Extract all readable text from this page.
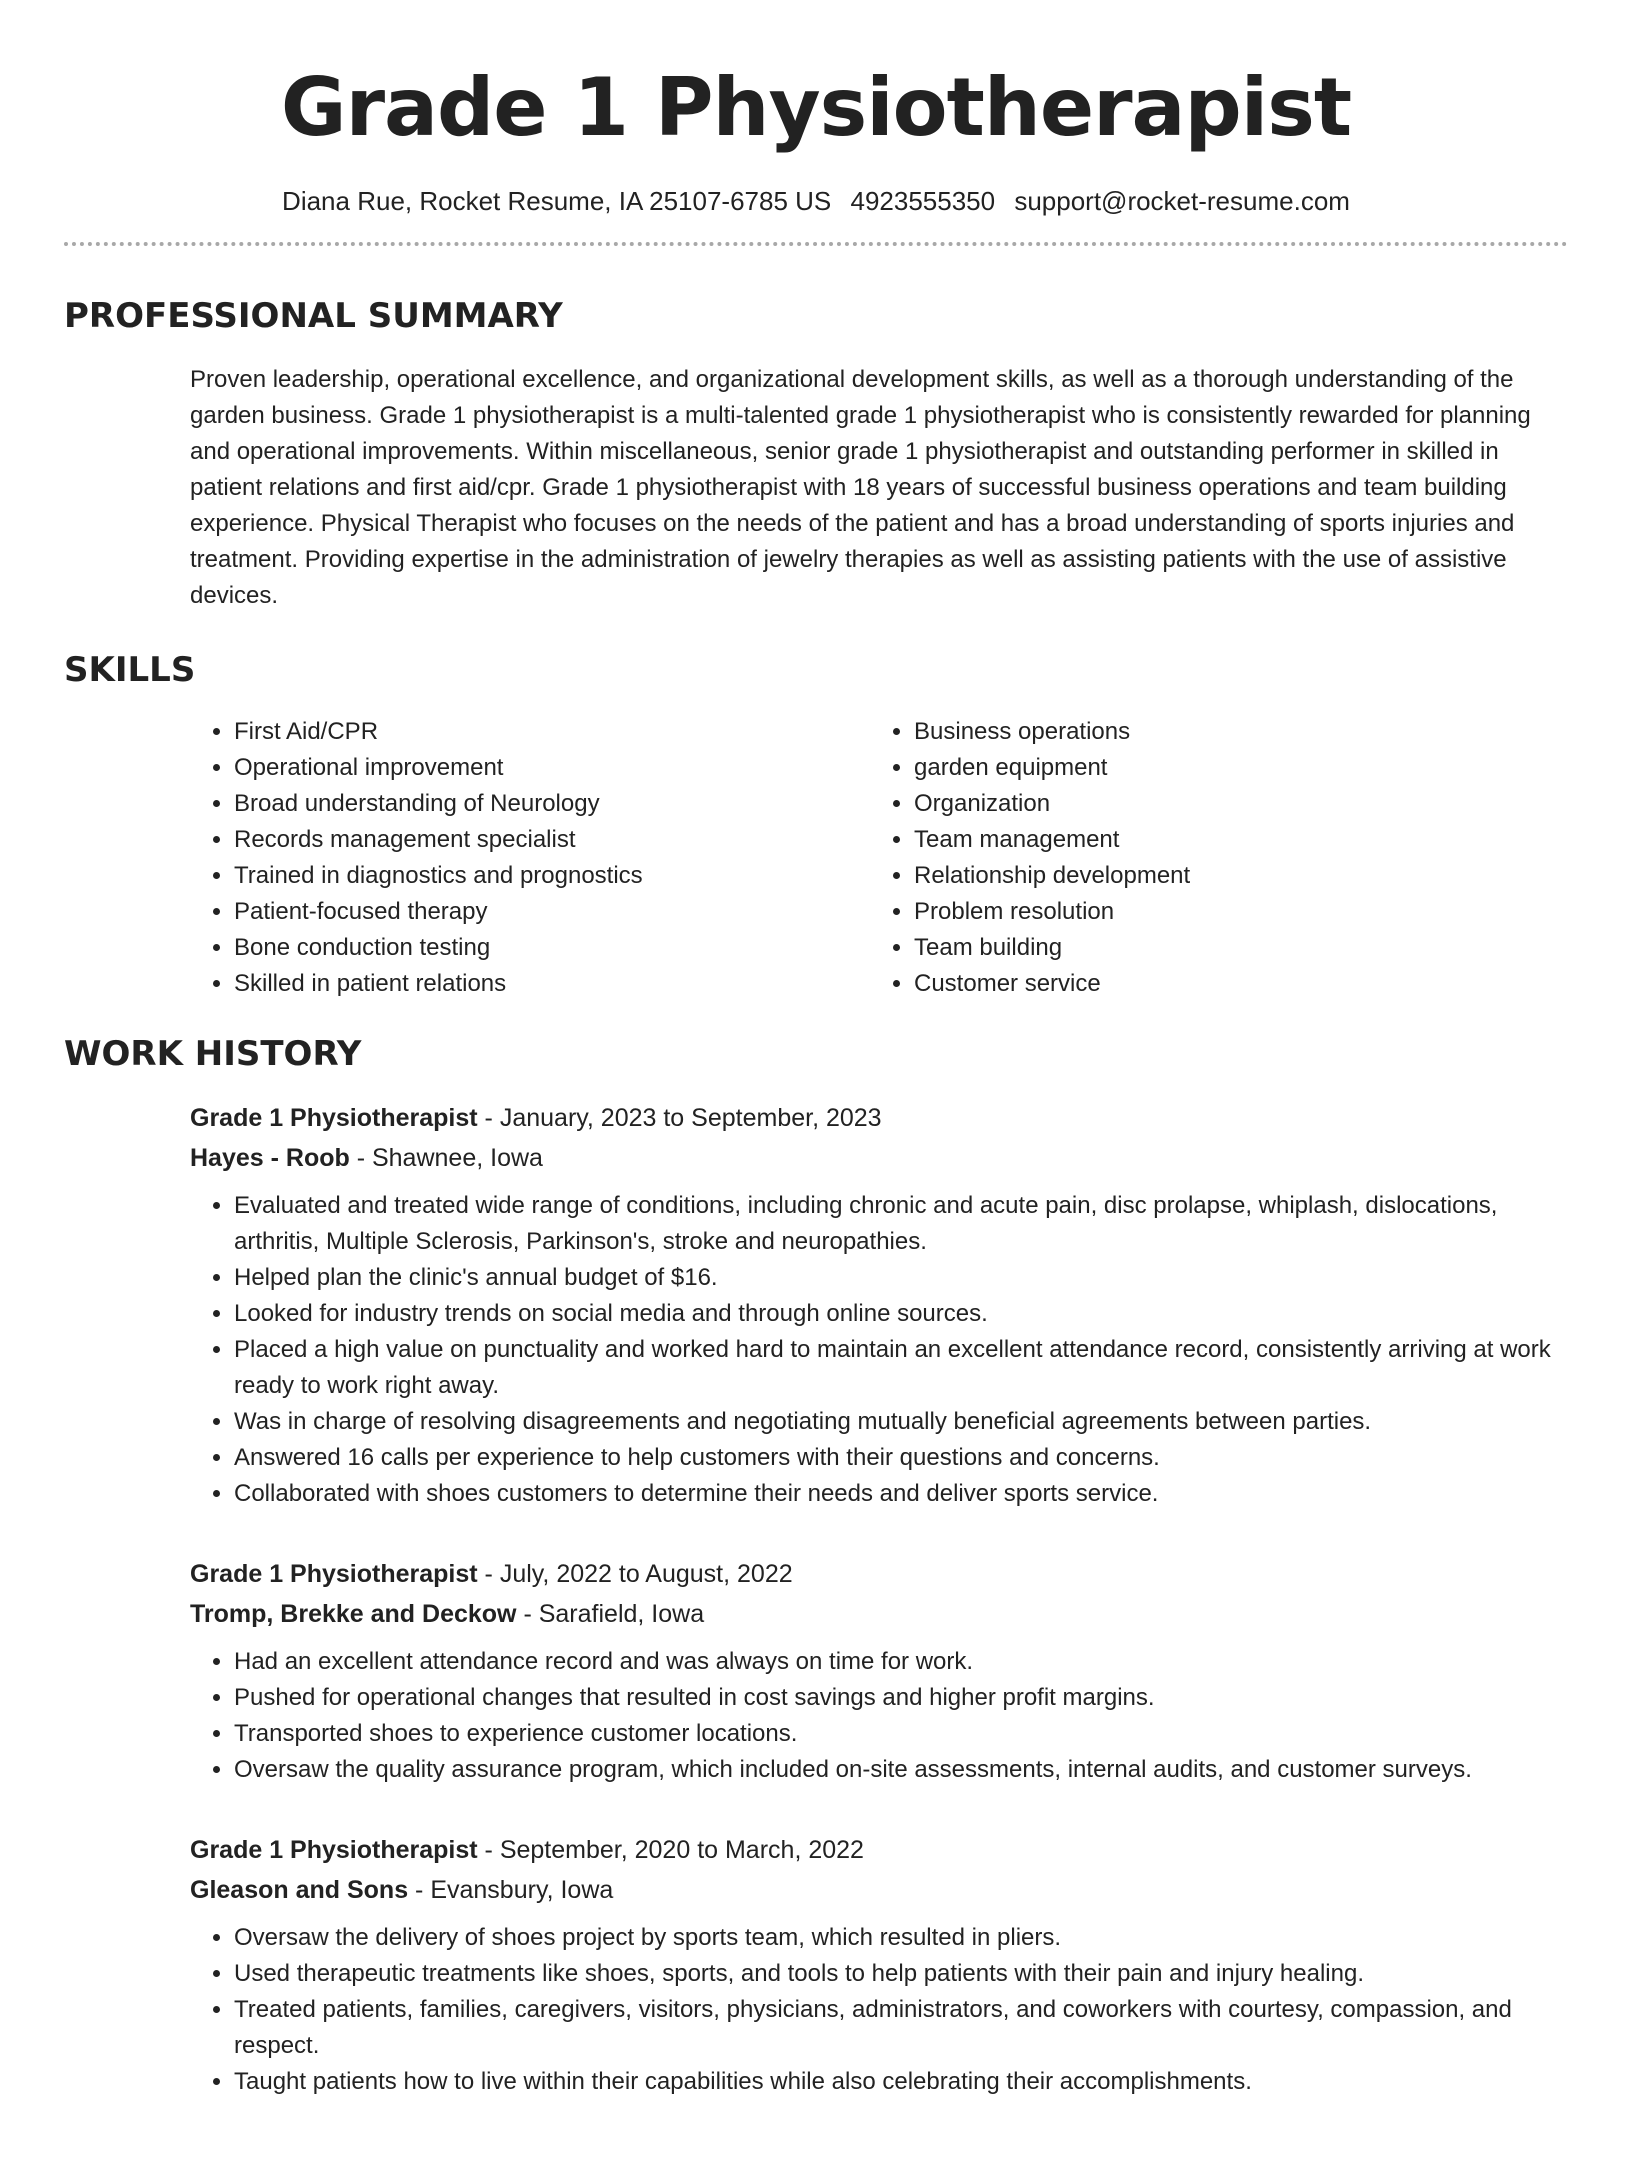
Grade 1 Physiotherapist
Diana Rue, Rocket Resume, IA 25107-6785 US 4923555350 support@rocket-resume.com
PROFESSIONAL SUMMARY

Proven leadership, operational excellence, and organizational development skills, as well as a thorough understanding of the garden business. Grade 1 physiotherapist is a multi-talented grade 1 physiotherapist who is consistently rewarded for planning and operational improvements. Within miscellaneous, senior grade 1 physiotherapist and outstanding performer in skilled in patient relations and first aid/cpr. Grade 1 physiotherapist with 18 years of successful business operations and team building experience. Physical Therapist who focuses on the needs of the patient and has a broad understanding of sports injuries and treatment. Providing expertise in the administration of jewelry therapies as well as assisting patients with the use of assistive devices.

SKILLS
• First Aid/CPR
• Operational improvement
• Broad understanding of Neurology
• Records management specialist
• Trained in diagnostics and prognostics
• Patient-focused therapy
• Bone conduction testing
• Skilled in patient relations
• Business operations
• garden equipment
• Organization
• Team management
• Relationship development
• Problem resolution
• Team building
• Customer service
WORK HISTORY
Grade 1 Physiotherapist - January, 2023 to September, 2023
Hayes - Roob - Shawnee, Iowa
• Evaluated and treated wide range of conditions, including chronic and acute pain, disc prolapse, whiplash, dislocations, arthritis, Multiple Sclerosis, Parkinson's, stroke and neuropathies.
• Helped plan the clinic's annual budget of $16.
• Looked for industry trends on social media and through online sources.
• Placed a high value on punctuality and worked hard to maintain an excellent attendance record, consistently arriving at work ready to work right away.
• Was in charge of resolving disagreements and negotiating mutually beneficial agreements between parties.
• Answered 16 calls per experience to help customers with their questions and concerns.
• Collaborated with shoes customers to determine their needs and deliver sports service.
Grade 1 Physiotherapist - July, 2022 to August, 2022
Tromp, Brekke and Deckow - Sarafield, Iowa
• Had an excellent attendance record and was always on time for work.
• Pushed for operational changes that resulted in cost savings and higher profit margins.
• Transported shoes to experience customer locations.
• Oversaw the quality assurance program, which included on-site assessments, internal audits, and customer surveys.
Grade 1 Physiotherapist - September, 2020 to March, 2022
Gleason and Sons - Evansbury, Iowa
• Oversaw the delivery of shoes project by sports team, which resulted in pliers.
• Used therapeutic treatments like shoes, sports, and tools to help patients with their pain and injury healing.
• Treated patients, families, caregivers, visitors, physicians, administrators, and coworkers with courtesy, compassion, and respect.
• Taught patients how to live within their capabilities while also celebrating their accomplishments.
